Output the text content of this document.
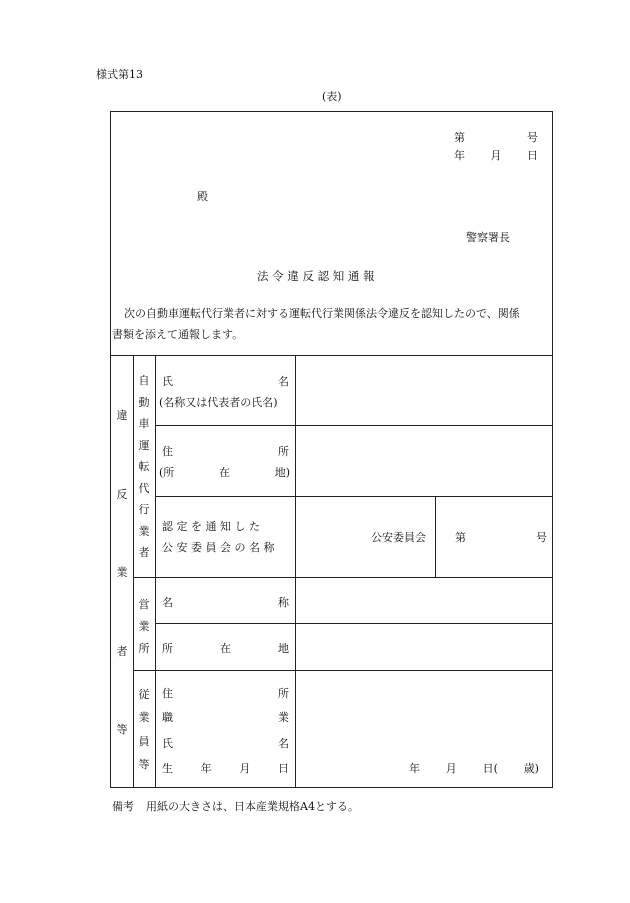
様式第13
(表)
第	号
年 月 日
殿
警察署長
法 令 違 反 認 知 通 報
次の自動車運転代行業者に対する運転代行業関係法令違反を認知したので、関係
書類を添えて通報します。
違
反
業
者
等
自
動
車
運
転
代
行
業
者
氏	名
(名称又は代表者の氏名)
住	所
(所	在	地)
認 定 を 通 知 し た
公 安 委 員 会 の 名 称
公安委員会	第	号
営
業
所
名	称
所	在	地
従
業
員
等
住	所
職	業
氏	名
生	年	月	日	年 月 日( 歳)
備考 用紙の大きさは、日本産業規格A4とする。
